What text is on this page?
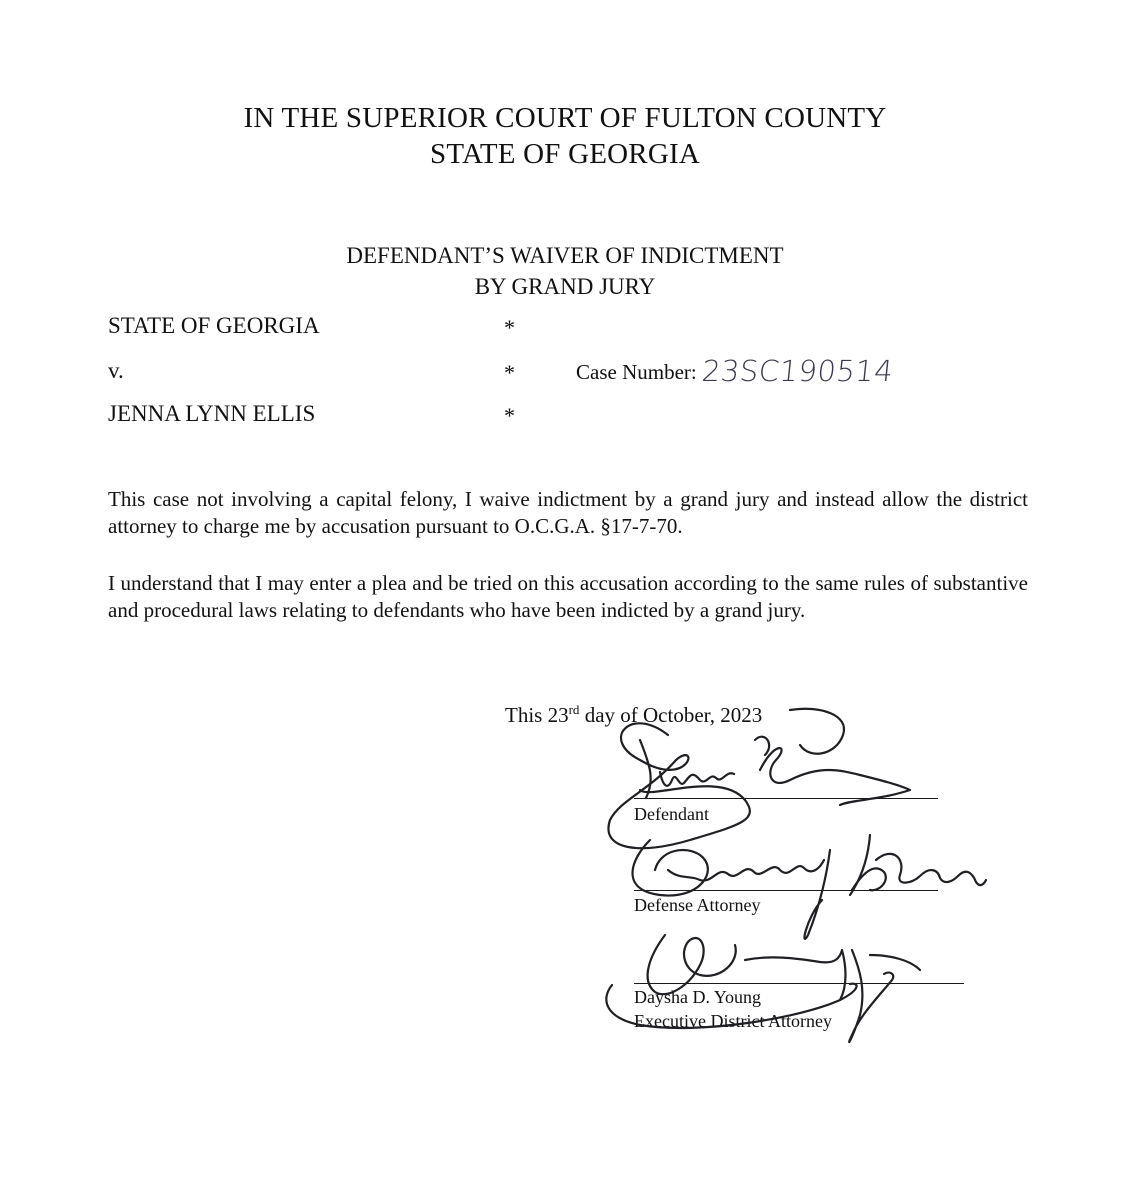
IN THE SUPERIOR COURT OF FULTON COUNTY
STATE OF GEORGIA
DEFENDANT’S WAIVER OF INDICTMENT
BY GRAND JURY
STATE OF GEORGIA	*
v.	*	Case Number: 23SC190514
JENNA LYNN ELLIS	*

This case not involving a capital felony, I waive indictment by a grand jury and instead allow the district attorney to charge me by accusation pursuant to O.C.G.A. §17-7-70.

I understand that I may enter a plea and be tried on this accusation according to the same rules of substantive and procedural laws relating to defendants who have been indicted by a grand jury.

This 23rd day of October, 2023
Defendant
Defense Attorney
Daysha D. Young
Executive District Attorney
